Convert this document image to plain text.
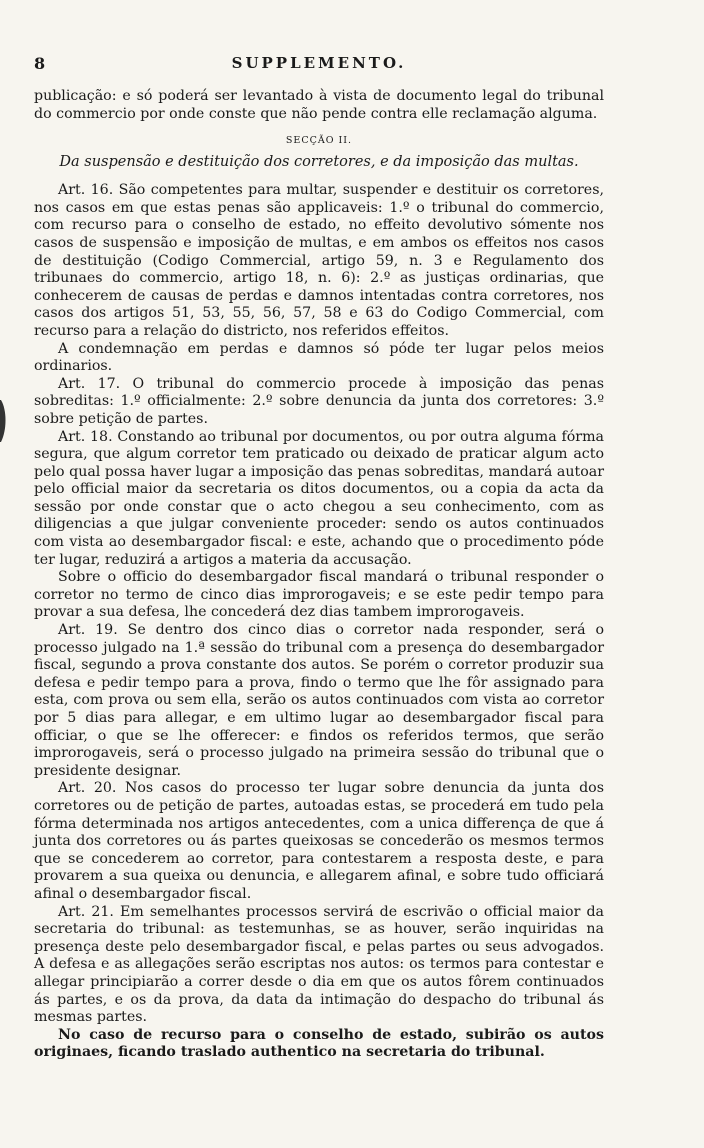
8	SUPPLEMENTO.

publicação: e só poderá ser levantado à vista de documento legal do tribunal do commercio por onde conste que não pende contra elle reclamação alguma.

SECÇÃO II.
Da suspensão e destituição dos corretores, e da imposição das multas.

Art. 16. São competentes para multar, suspender e destituir os corretores, nos casos em que estas penas são applicaveis: 1.º o tribunal do commercio, com recurso para o conselho de estado, no effeito devolutivo sómente nos casos de suspensão e imposição de multas, e em ambos os effeitos nos casos de destituição (Codigo Commercial, artigo 59, n. 3 e Regulamento dos tribunaes do commercio, artigo 18, n. 6): 2.º as justiças ordinarias, que conhecerem de causas de perdas e damnos intentadas contra corretores, nos casos dos artigos 51, 53, 55, 56, 57, 58 e 63 do Codigo Commercial, com recurso para a relação do districto, nos referidos effeitos.

A condemnação em perdas e damnos só póde ter lugar pelos meios ordinarios.

Art. 17. O tribunal do commercio procede à imposição das penas sobreditas: 1.º officialmente: 2.º sobre denuncia da junta dos corretores: 3.º sobre petição de partes.

Art. 18. Constando ao tribunal por documentos, ou por outra alguma fórma segura, que algum corretor tem praticado ou deixado de praticar algum acto pelo qual possa haver lugar a imposição das penas sobreditas, mandará autoar pelo official maior da secretaria os ditos documentos, ou a copia da acta da sessão por onde constar que o acto chegou a seu conhecimento, com as diligencias a que julgar conveniente proceder: sendo os autos continuados com vista ao desembargador fiscal: e este, achando que o procedimento póde ter lugar, reduzirá a artigos a materia da accusação.

Sobre o officio do desembargador fiscal mandará o tribunal responder o corretor no termo de cinco dias improrogaveis; e se este pedir tempo para provar a sua defesa, lhe concederá dez dias tambem improrogaveis.

Art. 19. Se dentro dos cinco dias o corretor nada responder, será o processo julgado na 1.ª sessão do tribunal com a presença do desembargador fiscal, segundo a prova constante dos autos. Se porém o corretor produzir sua defesa e pedir tempo para a prova, findo o termo que lhe fôr assignado para esta, com prova ou sem ella, serão os autos continuados com vista ao corretor por 5 dias para allegar, e em ultimo lugar ao desembargador fiscal para officiar, o que se lhe offerecer: e findos os referidos termos, que serão improrogaveis, será o processo julgado na primeira sessão do tribunal que o presidente designar.

Art. 20. Nos casos do processo ter lugar sobre denuncia da junta dos corretores ou de petição de partes, autoadas estas, se procederá em tudo pela fórma determinada nos artigos antecedentes, com a unica differença de que á junta dos corretores ou ás partes queixosas se concederão os mesmos termos que se concederem ao corretor, para contestarem a resposta deste, e para provarem a sua queixa ou denuncia, e allegarem afinal, e sobre tudo officiará afinal o desembargador fiscal.

Art. 21. Em semelhantes processos servirá de escrivão o official maior da secretaria do tribunal: as testemunhas, se as houver, serão inquiridas na presença deste pelo desembargador fiscal, e pelas partes ou seus advogados. A defesa e as allegações serão escriptas nos autos: os termos para contestar e allegar principiarão a correr desde o dia em que os autos fôrem continuados ás partes, e os da prova, da data da intimação do despacho do tribunal ás mesmas partes.

No caso de recurso para o conselho de estado, subirão os autos originaes, ficando traslado authentico na secretaria do tribunal.
